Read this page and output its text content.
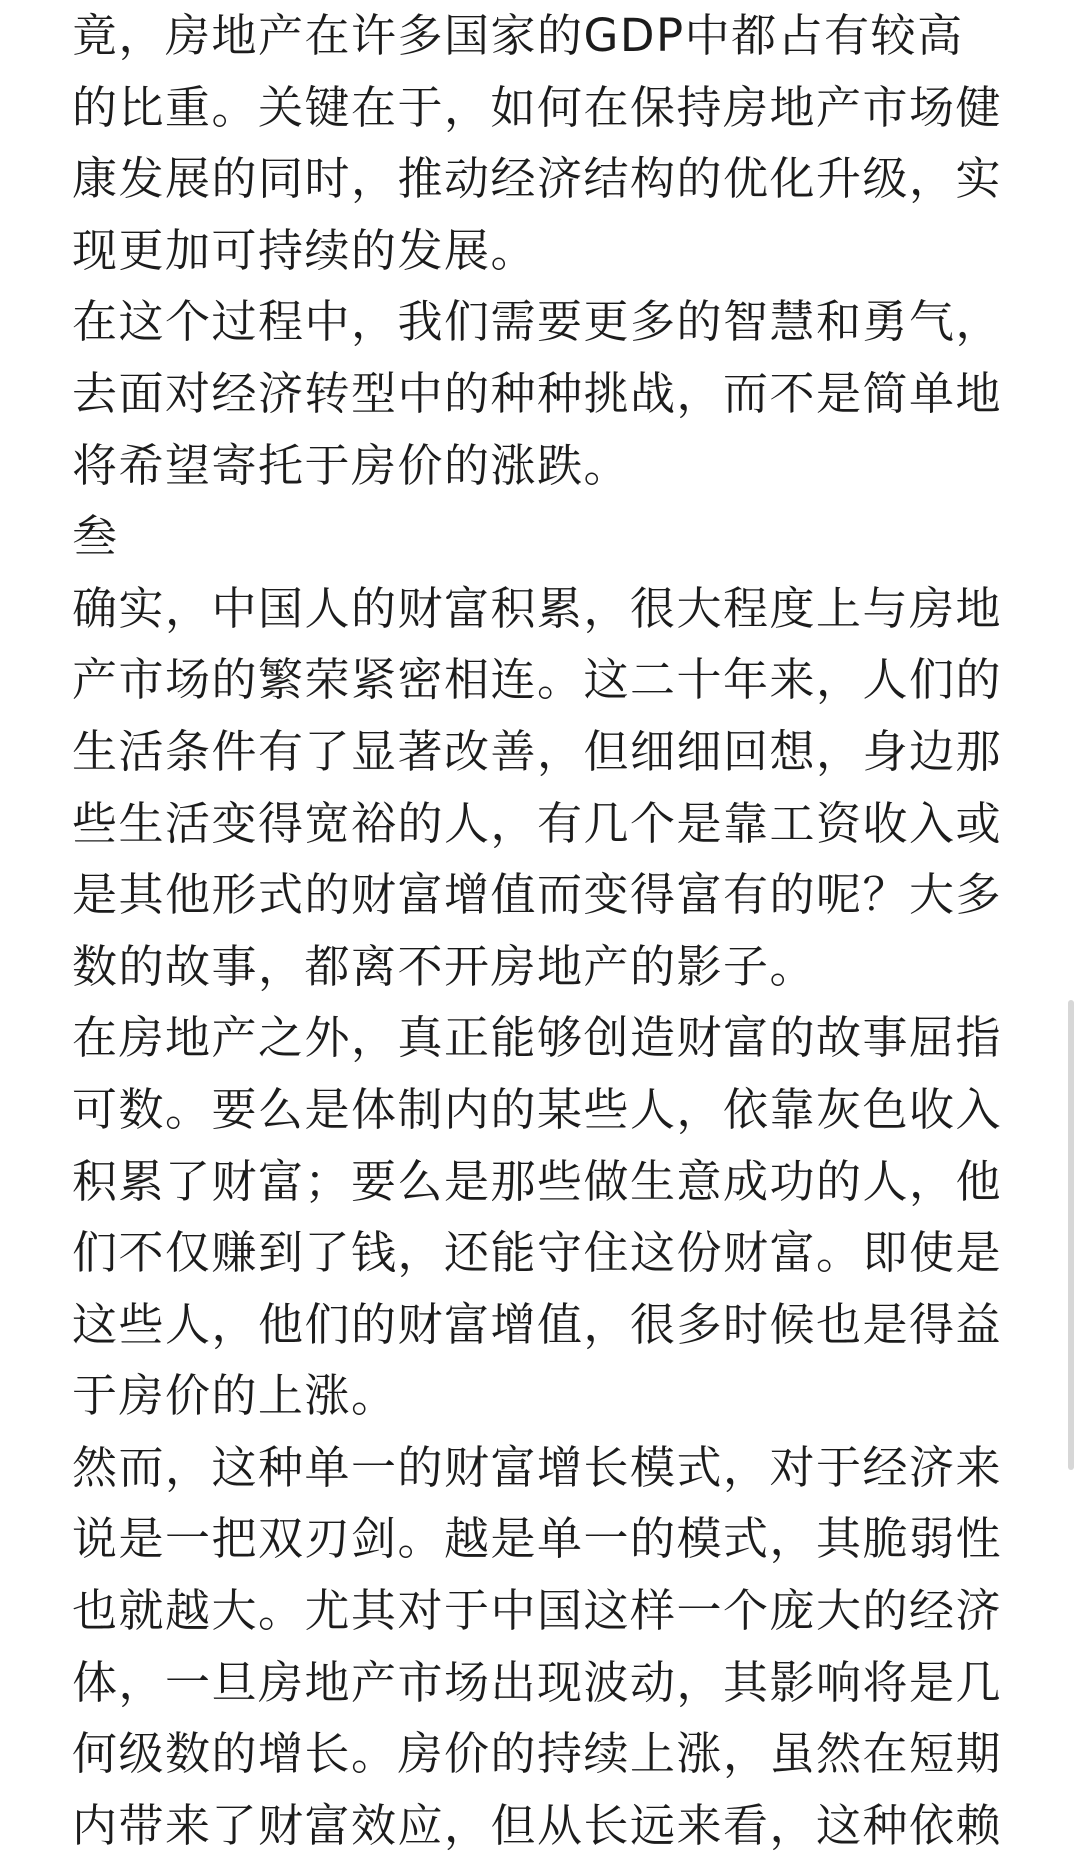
竟，房地产在许多国家的GDP中都占有较高
的比重。关键在于，如何在保持房地产市场健
康发展的同时，推动经济结构的优化升级，实
现更加可持续的发展。

在这个过程中，我们需要更多的智慧和勇气，
去面对经济转型中的种种挑战，而不是简单地
将希望寄托于房价的涨跌。

叁

确实，中国人的财富积累，很大程度上与房地
产市场的繁荣紧密相连。这二十年来，人们的
生活条件有了显著改善，但细细回想，身边那
些生活变得宽裕的人，有几个是靠工资收入或
是其他形式的财富增值而变得富有的呢？大多
数的故事，都离不开房地产的影子。

在房地产之外，真正能够创造财富的故事屈指
可数。要么是体制内的某些人，依靠灰色收入
积累了财富；要么是那些做生意成功的人，他
们不仅赚到了钱，还能守住这份财富。即使是
这些人，他们的财富增值，很多时候也是得益
于房价的上涨。

然而，这种单一的财富增长模式，对于经济来
说是一把双刃剑。越是单一的模式，其脆弱性
也就越大。尤其对于中国这样一个庞大的经济
体，一旦房地产市场出现波动，其影响将是几
何级数的增长。房价的持续上涨，虽然在短期
内带来了财富效应，但从长远来看，这种依赖
